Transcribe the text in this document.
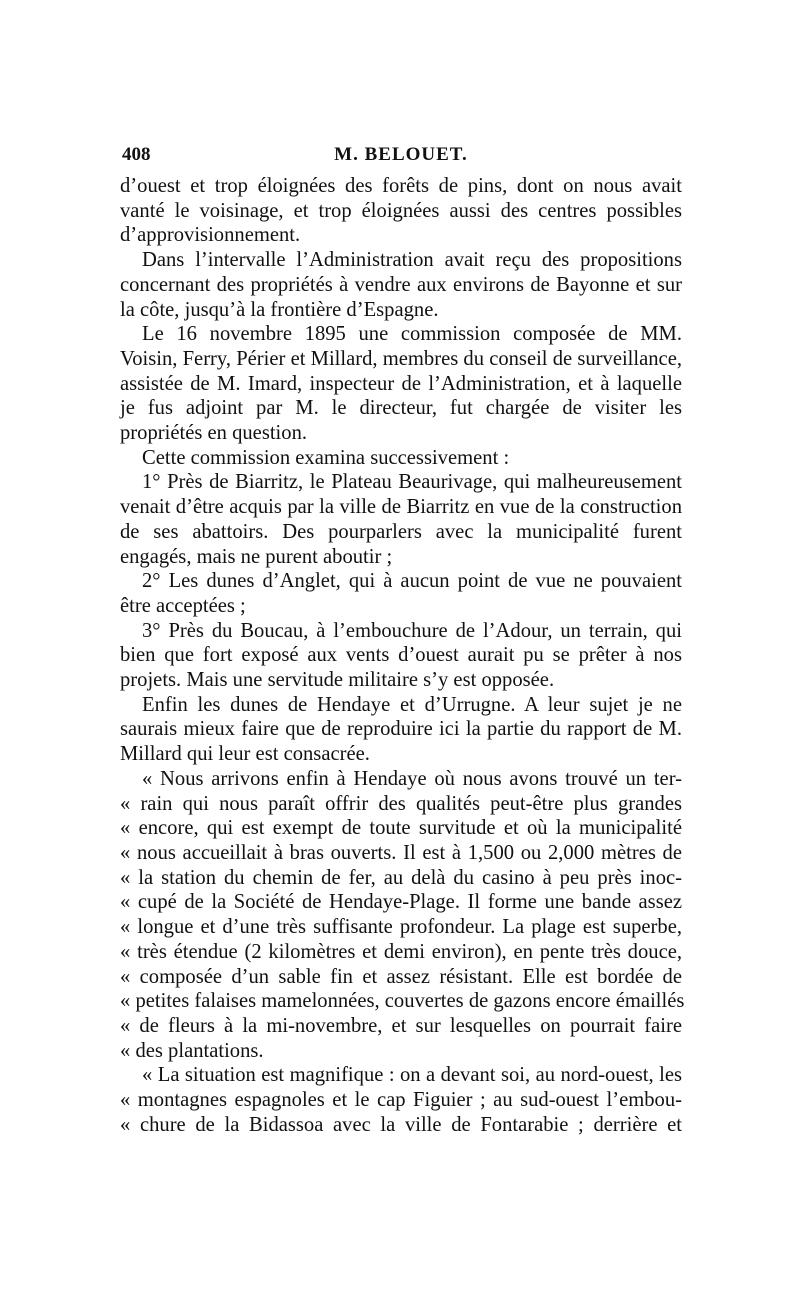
408	M. BELOUET.

d’ouest et trop éloignées des forêts de pins, dont on nous avait vanté le voisinage, et trop éloignées aussi des centres possibles d’approvisionnement.

Dans l’intervalle l’Administration avait reçu des propositions concernant des propriétés à vendre aux environs de Bayonne et sur la côte, jusqu’à la frontière d’Espagne.

Le 16 novembre 1895 une commission composée de MM. Voisin, Ferry, Périer et Millard, membres du conseil de surveillance, assistée de M. Imard, inspecteur de l’Administration, et à laquelle je fus adjoint par M. le directeur, fut chargée de visiter les propriétés en question.

Cette commission examina successivement :

1° Près de Biarritz, le Plateau Beaurivage, qui malheureusement venait d’être acquis par la ville de Biarritz en vue de la construction de ses abattoirs. Des pourparlers avec la municipalité furent engagés, mais ne purent aboutir ;

2° Les dunes d’Anglet, qui à aucun point de vue ne pouvaient être acceptées ;

3° Près du Boucau, à l’embouchure de l’Adour, un terrain, qui bien que fort exposé aux vents d’ouest aurait pu se prêter à nos projets. Mais une servitude militaire s’y est opposée.

Enfin les dunes de Hendaye et d’Urrugne. A leur sujet je ne saurais mieux faire que de reproduire ici la partie du rapport de M. Millard qui leur est consacrée.

« Nous arrivons enfin à Hendaye où nous avons trouvé un ter-
« rain qui nous paraît offrir des qualités peut-être plus grandes
« encore, qui est exempt de toute survitude et où la municipalité
« nous accueillait à bras ouverts. Il est à 1,500 ou 2,000 mètres de
« la station du chemin de fer, au delà du casino à peu près inoc-
« cupé de la Société de Hendaye-Plage. Il forme une bande assez
« longue et d’une très suffisante profondeur. La plage est superbe,
« très étendue (2 kilomètres et demi environ), en pente très douce,
« composée d’un sable fin et assez résistant. Elle est bordée de
« petites falaises mamelonnées, couvertes de gazons encore émaillés
« de fleurs à la mi-novembre, et sur lesquelles on pourrait faire
« des plantations.
« La situation est magnifique : on a devant soi, au nord-ouest, les
« montagnes espagnoles et le cap Figuier ; au sud-ouest l’embou-
« chure de la Bidassoa avec la ville de Fontarabie ; derrière et
